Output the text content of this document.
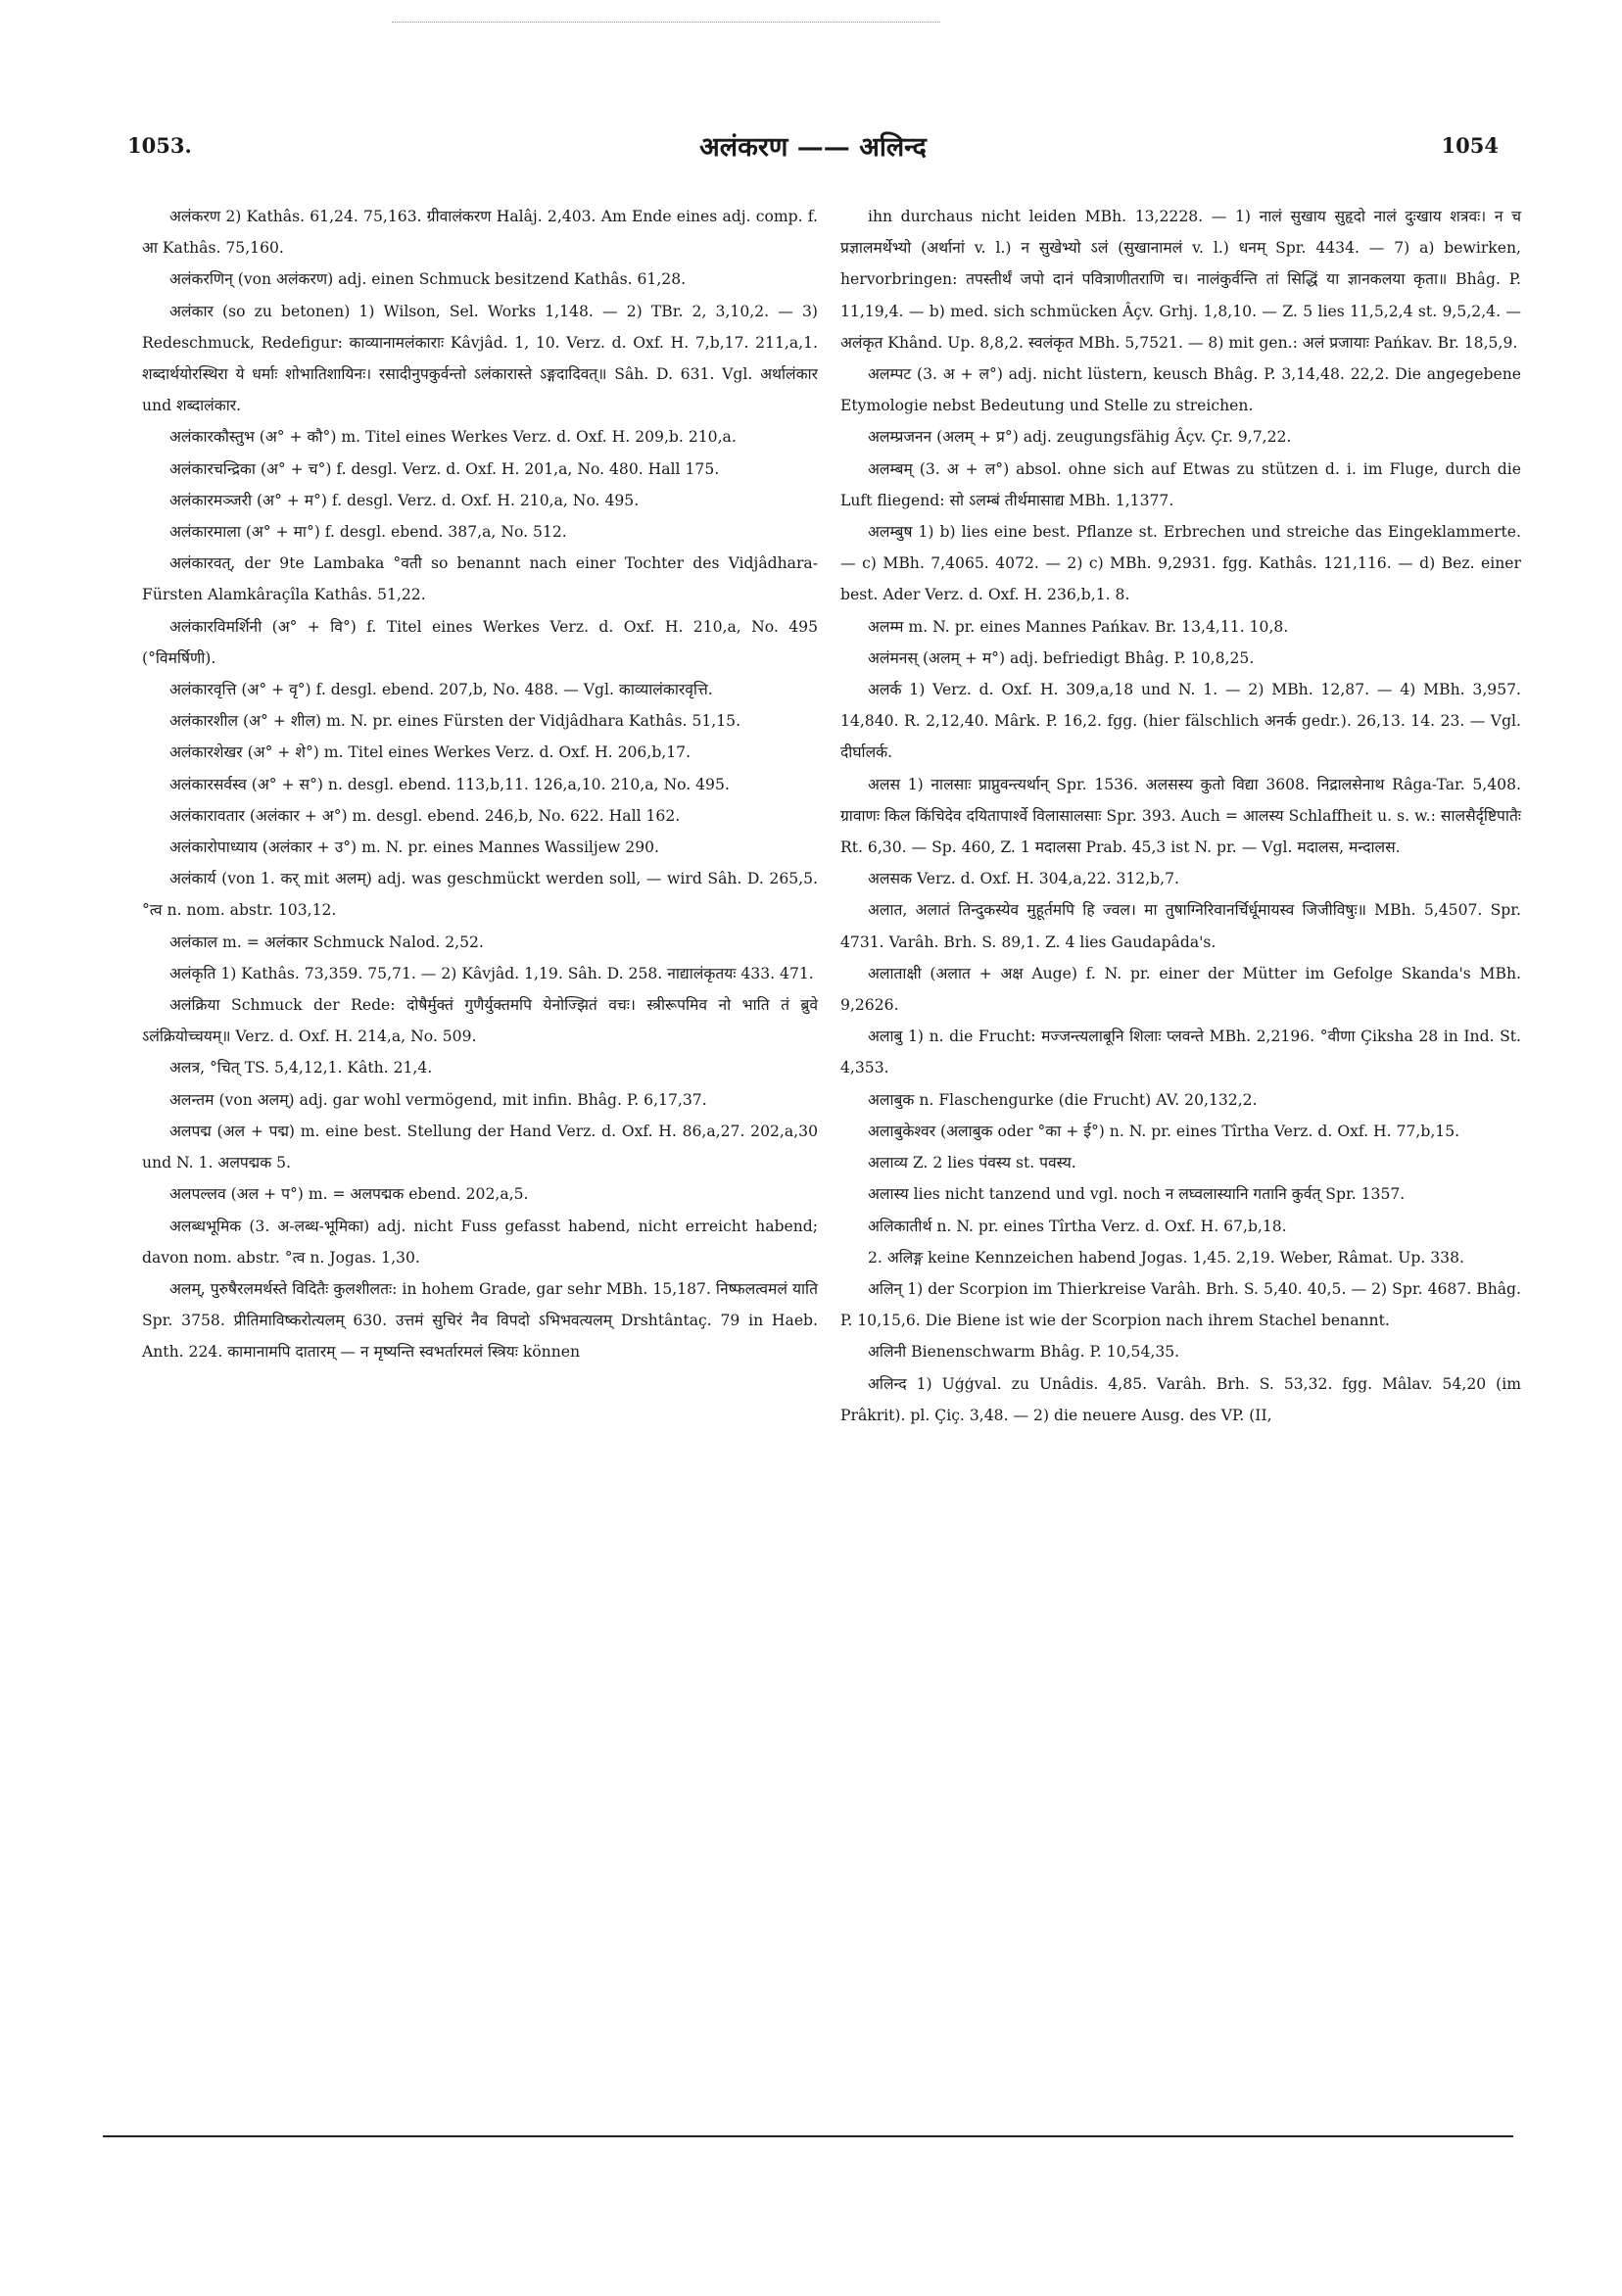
1053.	अलंकरण —— अलिन्द	1054

अलंकरण 2) Kathâs. 61,24. 75,163. ग्रीवालंकरण Halâj. 2,403. Am Ende eines adj. comp. f. आ Kathâs. 75,160.

अलंकरणिन् (von अलंकरण) adj. einen Schmuck besitzend Kathâs. 61,28.

अलंकार (so zu betonen) 1) Wilson, Sel. Works 1,148. — 2) TBr. 2, 3,10,2. — 3) Redeschmuck, Redefigur: काव्यानामलंकाराः Kâvjâd. 1, 10. Verz. d. Oxf. H. 7,b,17. 211,a,1. शब्दार्थयोरस्थिरा ये धर्माः शोभातिशायिनः। रसादीनुपकुर्वन्तो ऽलंकारास्ते ऽङ्गदादिवत्॥ Sâh. D. 631. Vgl. अर्थालंकार und शब्दालंकार.

अलंकारकौस्तुभ (अ° + कौ°) m. Titel eines Werkes Verz. d. Oxf. H. 209,b. 210,a.

अलंकारचन्द्रिका (अ° + च°) f. desgl. Verz. d. Oxf. H. 201,a, No. 480. Hall 175.

अलंकारमञ्जरी (अ° + म°) f. desgl. Verz. d. Oxf. H. 210,a, No. 495.

अलंकारमाला (अ° + मा°) f. desgl. ebend. 387,a, No. 512.

अलंकारवत्, der 9te Lambaka °वती so benannt nach einer Tochter des Vidjâdhara-Fürsten Alamkâraçîla Kathâs. 51,22.

अलंकारविमर्शिनी (अ° + वि°) f. Titel eines Werkes Verz. d. Oxf. H. 210,a, No. 495 (°विमर्षिणी).

अलंकारवृत्ति (अ° + वृ°) f. desgl. ebend. 207,b, No. 488. — Vgl. काव्यालंकारवृत्ति.

अलंकारशील (अ° + शील) m. N. pr. eines Fürsten der Vidjâdhara Kathâs. 51,15.

अलंकारशेखर (अ° + शे°) m. Titel eines Werkes Verz. d. Oxf. H. 206,b,17.

अलंकारसर्वस्व (अ° + स°) n. desgl. ebend. 113,b,11. 126,a,10. 210,a, No. 495.

अलंकारावतार (अलंकार + अ°) m. desgl. ebend. 246,b, No. 622. Hall 162.

अलंकारोपाध्याय (अलंकार + उ°) m. N. pr. eines Mannes Wassiljew 290.

अलंकार्य (von 1. कर् mit अलम्) adj. was geschmückt werden soll, — wird Sâh. D. 265,5. °त्व n. nom. abstr. 103,12.

अलंकाल m. = अलंकार Schmuck Nalod. 2,52.

अलंकृति 1) Kathâs. 73,359. 75,71. — 2) Kâvjâd. 1,19. Sâh. D. 258. नाद्यालंकृतयः 433. 471.

अलंक्रिया Schmuck der Rede: दोषैर्मुक्तं गुणैर्युक्तमपि येनोज्झितं वचः। स्त्रीरूपमिव नो भाति तं ब्रुवे ऽलंक्रियोच्चयम्॥ Verz. d. Oxf. H. 214,a, No. 509.

अलत्र, °चित् TS. 5,4,12,1. Kâth. 21,4.

अलन्तम (von अलम्) adj. gar wohl vermögend, mit infin. Bhâg. P. 6,17,37.

अलपद्म (अल + पद्म) m. eine best. Stellung der Hand Verz. d. Oxf. H. 86,a,27. 202,a,30 und N. 1. अलपद्मक 5.

अलपल्लव (अल + प°) m. = अलपद्मक ebend. 202,a,5.

अलब्धभूमिक (3. अ-लब्ध-भूमिका) adj. nicht Fuss gefasst habend, nicht erreicht habend; davon nom. abstr. °त्व n. Jogas. 1,30.

अलम्, पुरुषैरलमर्थस्ते विदितैः कुलशीलतः: in hohem Grade, gar sehr MBh. 15,187. निष्फलत्वमलं याति Spr. 3758. प्रीतिमाविष्करोत्यलम् 630. उत्तमं सुचिरं नैव विपदो ऽभिभवत्यलम् Drshtântaç. 79 in Haeb. Anth. 224. कामानामपि दातारम् — न मृष्यन्ति स्वभर्तारमलं स्त्रियः können

ihn durchaus nicht leiden MBh. 13,2228. — 1) नालं सुखाय सुहृदो नालं दुःखाय शत्रवः। न च प्रज्ञालमर्थेभ्यो (अर्थानां v. l.) न सुखेभ्यो ऽलं (सुखानामलं v. l.) धनम् Spr. 4434. — 7) a) bewirken, hervorbringen: तपस्तीर्थं जपो दानं पवित्राणीतराणि च। नालंकुर्वन्ति तां सिद्धिं या ज्ञानकलया कृता॥ Bhâg. P. 11,19,4. — b) med. sich schmücken Âçv. Grhj. 1,8,10. — Z. 5 lies 11,5,2,4 st. 9,5,2,4. — अलंकृत Khând. Up. 8,8,2. स्वलंकृत MBh. 5,7521. — 8) mit gen.: अलं प्रजायाः Pańkav. Br. 18,5,9.

अलम्पट (3. अ + ल°) adj. nicht lüstern, keusch Bhâg. P. 3,14,48. 22,2. Die angegebene Etymologie nebst Bedeutung und Stelle zu streichen.

अलम्प्रजनन (अलम् + प्र°) adj. zeugungsfähig Âçv. Çr. 9,7,22.

अलम्बम् (3. अ + ल°) absol. ohne sich auf Etwas zu stützen d. i. im Fluge, durch die Luft fliegend: सो ऽलम्बं तीर्थमासाद्य MBh. 1,1377.

अलम्बुष 1) b) lies eine best. Pflanze st. Erbrechen und streiche das Eingeklammerte. — c) MBh. 7,4065. 4072. — 2) c) MBh. 9,2931. fgg. Kathâs. 121,116. — d) Bez. einer best. Ader Verz. d. Oxf. H. 236,b,1. 8.

अलम्म m. N. pr. eines Mannes Pańkav. Br. 13,4,11. 10,8.

अलंमनस् (अलम् + म°) adj. befriedigt Bhâg. P. 10,8,25.

अलर्क 1) Verz. d. Oxf. H. 309,a,18 und N. 1. — 2) MBh. 12,87. — 4) MBh. 3,957. 14,840. R. 2,12,40. Mârk. P. 16,2. fgg. (hier fälschlich अनर्क gedr.). 26,13. 14. 23. — Vgl. दीर्घालर्क.

अलस 1) नालसाः प्राप्नुवन्त्यर्थान् Spr. 1536. अलसस्य कुतो विद्या 3608. निद्रालसेनाथ Râga-Tar. 5,408. ग्रावाणः किल किंचिदेव दयितापार्श्वे विलासालसाः Spr. 393. Auch = आलस्य Schlaffheit u. s. w.: सालसैर्दृष्टिपातैः Rt. 6,30. — Sp. 460, Z. 1 मदालसा Prab. 45,3 ist N. pr. — Vgl. मदालस, मन्दालस.

अलसक Verz. d. Oxf. H. 304,a,22. 312,b,7.

अलात, अलातं तिन्दुकस्येव मुहूर्तमपि हि ज्वल। मा तुषाग्निरिवानर्चिर्धूमायस्व जिजीविषुः॥ MBh. 5,4507. Spr. 4731. Varâh. Brh. S. 89,1. Z. 4 lies Gaudapâda's.

अलाताक्षी (अलात + अक्ष Auge) f. N. pr. einer der Mütter im Gefolge Skanda's MBh. 9,2626.

अलाबु 1) n. die Frucht: मज्जन्त्यलाबूनि शिलाः प्लवन्ते MBh. 2,2196. °वीणा Çiksha 28 in Ind. St. 4,353.

अलाबुक n. Flaschengurke (die Frucht) AV. 20,132,2.

अलाबुकेश्वर (अलाबुक oder °का + ई°) n. N. pr. eines Tîrtha Verz. d. Oxf. H. 77,b,15.

अलाव्य Z. 2 lies पंवस्य st. पवस्य.

अलास्य lies nicht tanzend und vgl. noch न लघ्वलास्यानि गतानि कुर्वत् Spr. 1357.

अलिकातीर्थ n. N. pr. eines Tîrtha Verz. d. Oxf. H. 67,b,18.

2. अलिङ्ग keine Kennzeichen habend Jogas. 1,45. 2,19. Weber, Râmat. Up. 338.

अलिन् 1) der Scorpion im Thierkreise Varâh. Brh. S. 5,40. 40,5. — 2) Spr. 4687. Bhâg. P. 10,15,6. Die Biene ist wie der Scorpion nach ihrem Stachel benannt.

अलिनी Bienenschwarm Bhâg. P. 10,54,35.

अलिन्द 1) Uģģval. zu Unâdis. 4,85. Varâh. Brh. S. 53,32. fgg. Mâlav. 54,20 (im Prâkrit). pl. Çiç. 3,48. — 2) die neuere Ausg. des VP. (II,
